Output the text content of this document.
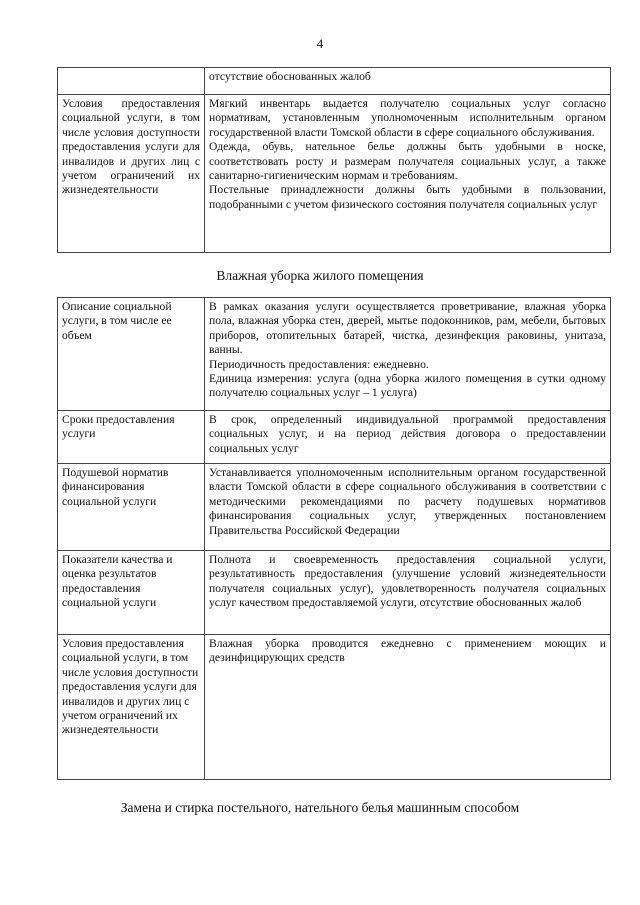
4

	отсутствие обоснованных жалоб

Условия предоставления социальной услуги, в том числе условия доступности предоставления услуги для инвалидов и других лиц с учетом ограничений их жизнедеятельности	Мягкий инвентарь выдается получателю социальных услуг согласно нормативам, установленным уполномоченным исполнительным органом государственной власти Томской области в сфере социального обслуживания.

Одежда, обувь, нательное белье должны быть удобными в носке, соответствовать росту и размерам получателя социальных услуг, а также санитарно-гигиеническим нормам и требованиям.

Постельные принадлежности должны быть удобными в пользовании, подобранными с учетом физического состояния получателя социальных услуг

Влажная уборка жилого помещения
Описание социальной услуги, в том числе ее объем	В рамках оказания услуги осуществляется проветривание, влажная уборка пола, влажная уборка стен, дверей, мытье подоконников, рам, мебели, бытовых приборов, отопительных батарей, чистка, дезинфекция раковины, унитаза, ванны.

Периодичность предоставления: ежедневно.

Единица измерения: услуга (одна уборка жилого помещения в сутки одному получателю социальных услуг – 1 услуга)

Сроки предоставления услуги	В срок, определенный индивидуальной программой предоставления социальных услуг, и на период действия договора о предоставлении социальных услуг

Подушевой норматив финансирования социальной услуги	Устанавливается уполномоченным исполнительным органом государственной власти Томской области в сфере социального обслуживания в соответствии с методическими рекомендациями по расчету подушевых нормативов финансирования социальных услуг, утвержденных постановлением Правительства Российской Федерации

Показатели качества и оценка результатов предоставления социальной услуги	Полнота и своевременность предоставления социальной услуги, результативность предоставления (улучшение условий жизнедеятельности получателя социальных услуг), удовлетворенность получателя социальных услуг качеством предоставляемой услуги, отсутствие обоснованных жалоб

Условия предоставления социальной услуги, в том числе условия доступности предоставления услуги для инвалидов и других лиц с учетом ограничений их жизнедеятельности	Влажная уборка проводится ежедневно с применением моющих и дезинфицирующих средств

Замена и стирка постельного, нательного белья машинным способом
